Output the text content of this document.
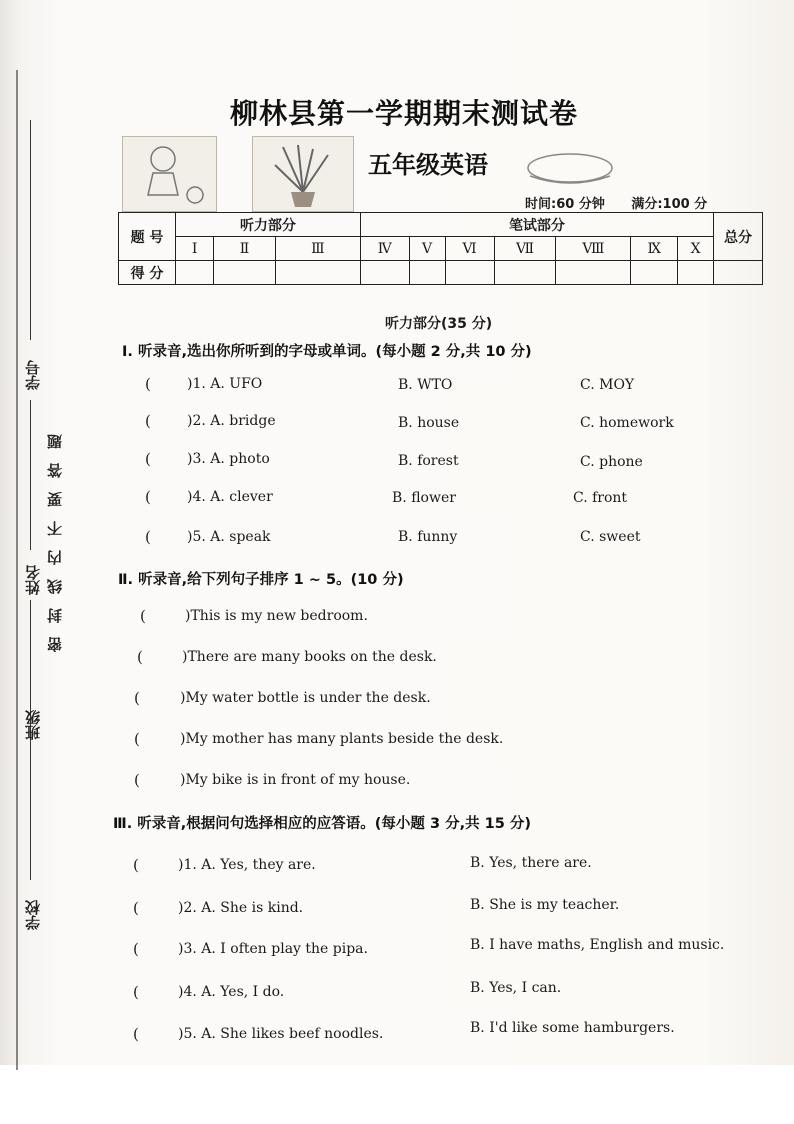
学校
班级
姓名
学号
密封线内不要答题
柳林县第一学期期末测试卷
五年级英语
时间:60 分钟 满分:100 分
题 号	听力部分			笔试部分							总分
	Ⅰ	Ⅱ	Ⅲ	Ⅳ	Ⅴ	Ⅵ	Ⅶ	Ⅷ	Ⅸ	Ⅹ	
得 分											
听力部分(35 分)
Ⅰ. 听录音,选出你所听到的字母或单词。(每小题 2 分,共 10 分)
(	)1. A. UFO	B. WTO	C. MOY
(	)2. A. bridge	B. house	C. homework
(	)3. A. photo	B. forest	C. phone
(	)4. A. clever	B. flower	C. front
(	)5. A. speak	B. funny	C. sweet
Ⅱ. 听录音,给下列句子排序 1 ~ 5。(10 分)
(	)This is my new bedroom.
(	)There are many books on the desk.
(	)My water bottle is under the desk.
(	)My mother has many plants beside the desk.
(	)My bike is in front of my house.
Ⅲ. 听录音,根据问句选择相应的应答语。(每小题 3 分,共 15 分)
(	)1. A. Yes, they are.	B. Yes, there are.
(	)2. A. She is kind.	B. She is my teacher.
(	)3. A. I often play the pipa.	B. I have maths, English and music.
(	)4. A. Yes, I do.	B. Yes, I can.
(	)5. A. She likes beef noodles.	B. I'd like some hamburgers.
